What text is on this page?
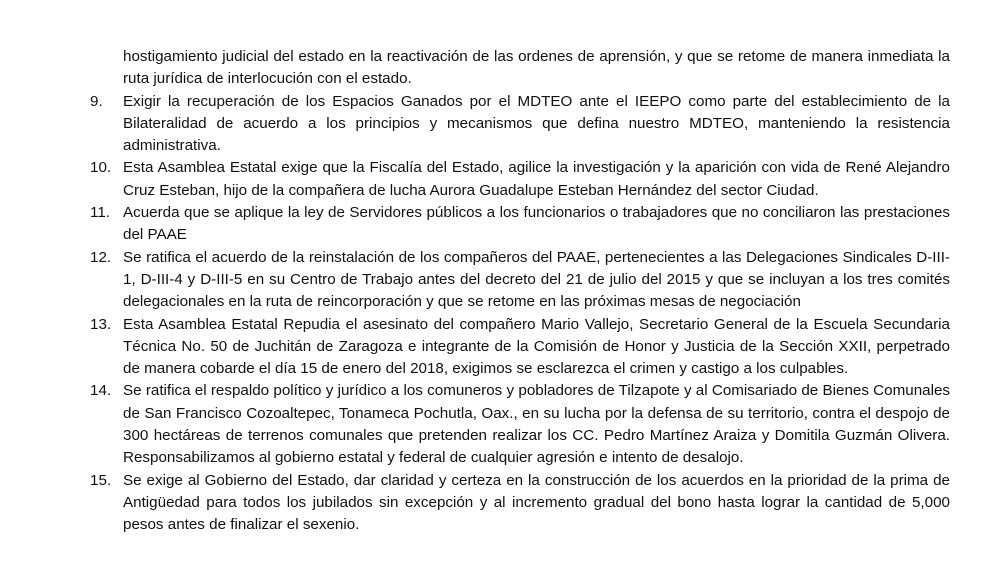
hostigamiento judicial del estado en la reactivación de las ordenes de aprensión, y que se retome de manera inmediata la ruta jurídica de interlocución con el estado.
9.	Exigir la recuperación de los Espacios Ganados por el MDTEO ante el IEEPO como parte del establecimiento de la Bilateralidad de acuerdo a los principios y mecanismos que defina nuestro MDTEO, manteniendo la resistencia administrativa.
10. Esta Asamblea Estatal exige que la Fiscalía del Estado, agilice la investigación y la aparición con vida de René Alejandro Cruz Esteban, hijo de la compañera de lucha Aurora Guadalupe Esteban Hernández del sector Ciudad.
11. Acuerda que se aplique la ley de Servidores públicos a los funcionarios o trabajadores que no conciliaron las prestaciones del PAAE
12. Se ratifica el acuerdo de la reinstalación de los compañeros del PAAE, pertenecientes a las Delegaciones Sindicales D-III-1, D-III-4 y D-III-5 en su Centro de Trabajo antes del decreto del 21 de julio del 2015 y que se incluyan a los tres comités delegacionales en la ruta de reincorporación y que se retome en las próximas mesas de negociación
13. Esta Asamblea Estatal Repudia el asesinato del compañero Mario Vallejo, Secretario General de la Escuela Secundaria Técnica No. 50 de Juchitán de Zaragoza e integrante de la Comisión de Honor y Justicia de la Sección XXII, perpetrado de manera cobarde el día 15 de enero del 2018, exigimos se esclarezca el crimen y castigo a los culpables.
14. Se ratifica el respaldo político y jurídico a los comuneros y pobladores de Tilzapote y al Comisariado de Bienes Comunales de San Francisco Cozoaltepec, Tonameca Pochutla, Oax., en su lucha por la defensa de su territorio, contra el despojo de 300 hectáreas de terrenos comunales que pretenden realizar los CC. Pedro Martínez Araiza y Domitila Guzmán Olivera. Responsabilizamos al gobierno estatal y federal de cualquier agresión e intento de desalojo.
15. Se exige al Gobierno del Estado, dar claridad y certeza en la construcción de los acuerdos en la prioridad de la prima de Antigüedad para todos los jubilados sin excepción y al incremento gradual del bono hasta lograr la cantidad de 5,000 pesos antes de finalizar el sexenio.
